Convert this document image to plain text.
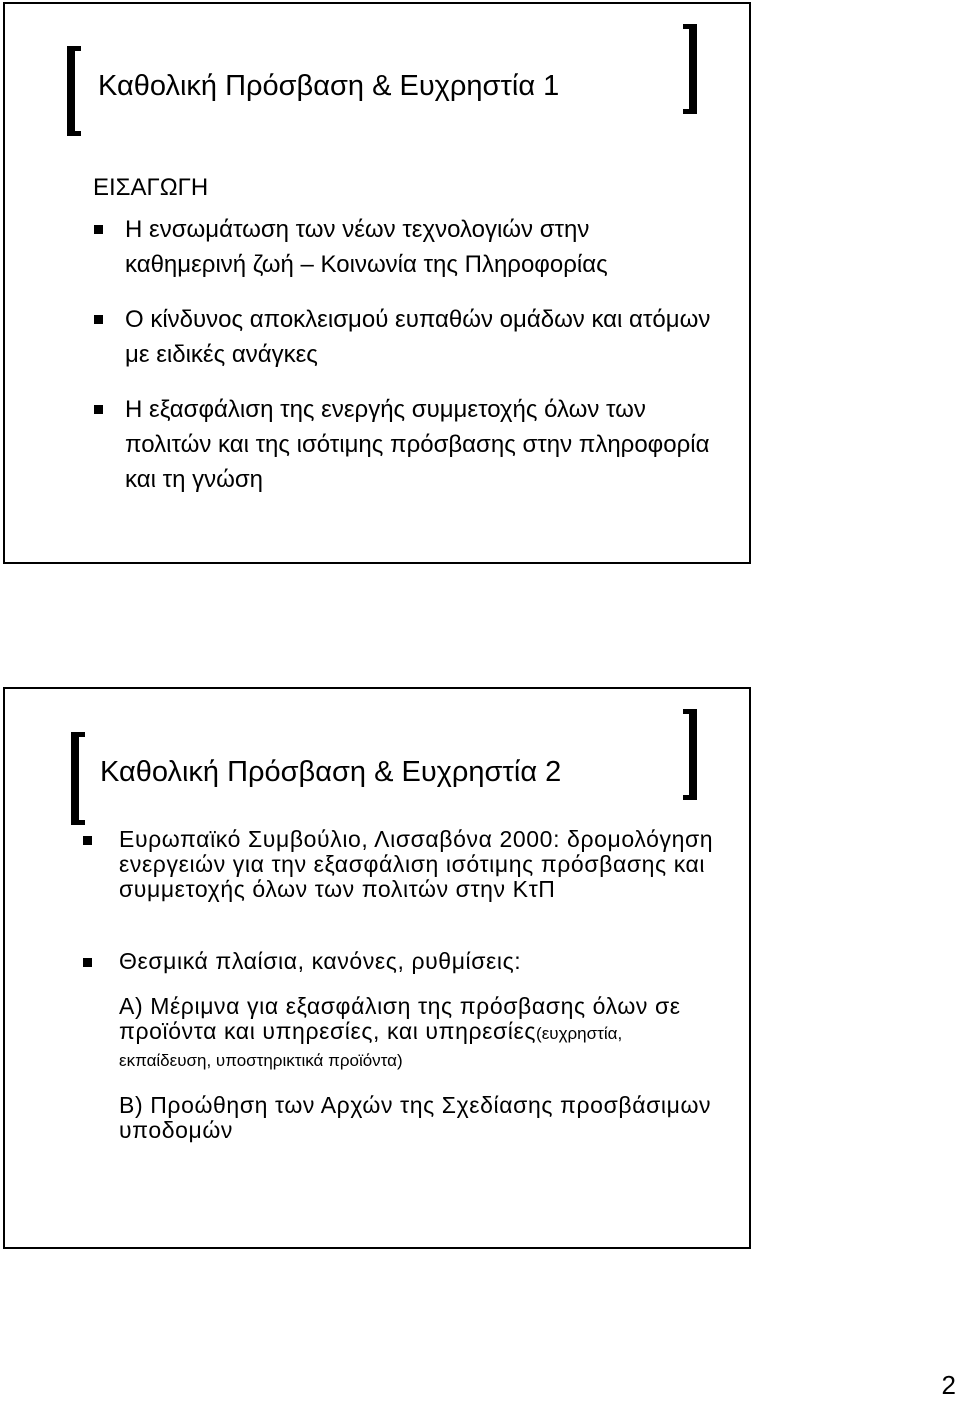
Καθολική Πρόσβαση & Ευχρηστία 1
ΕΙΣΑΓΩΓΗ
Η ενσωμάτωση των νέων τεχνολογιών στην καθημερινή ζωή – Κοινωνία της Πληροφορίας
Ο κίνδυνος αποκλεισμού ευπαθών ομάδων και ατόμων με ειδικές ανάγκες
Η εξασφάλιση της ενεργής συμμετοχής όλων των πολιτών και της ισότιμης πρόσβασης στην πληροφορία και τη γνώση
Καθολική Πρόσβαση & Ευχρηστία 2
Ευρωπαϊκό Συμβούλιο, Λισσαβόνα 2000: δρομολόγηση ενεργειών για την εξασφάλιση ισότιμης πρόσβασης και συμμετοχής όλων των πολιτών στην ΚτΠ
Θεσμικά πλαίσια, κανόνες, ρυθμίσεις:
Α) Μέριμνα για εξασφάλιση της πρόσβασης όλων σε προϊόντα και υπηρεσίες, και υπηρεσίες(ευχρηστία, εκπαίδευση, υποστηρικτικά προϊόντα)
Β) Προώθηση των Αρχών της Σχεδίασης προσβάσιμων υποδομών
2
